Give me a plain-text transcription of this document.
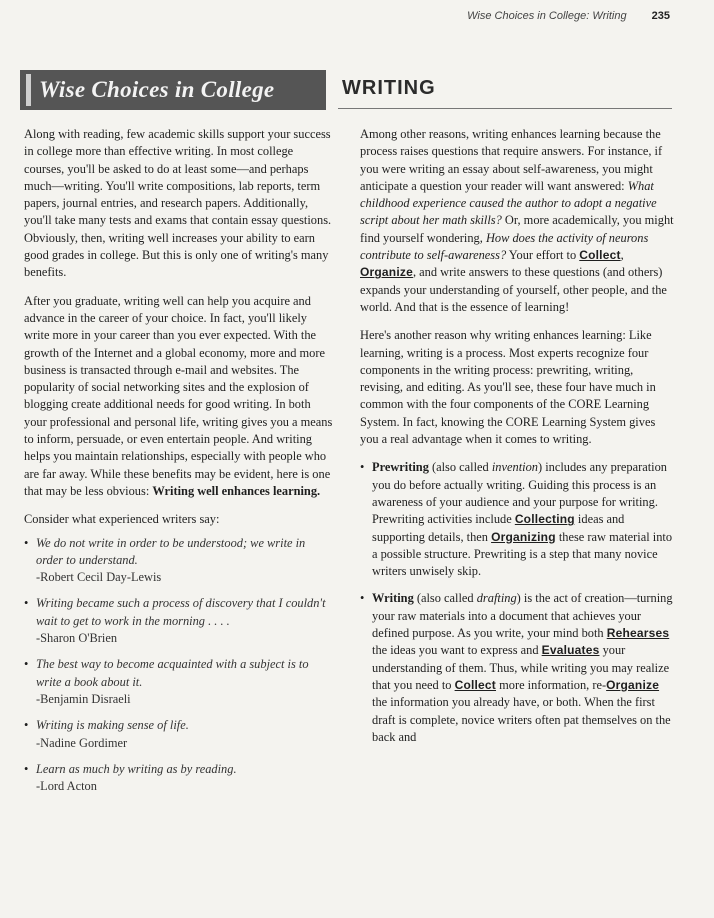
Wise Choices in College: Writing 235
Wise Choices in College	WRITING

Along with reading, few academic skills support your success in college more than effective writing. In most college courses, you'll be asked to do at least some—and perhaps much—writing. You'll write compositions, lab reports, term papers, journal entries, and research papers. Additionally, you'll take many tests and exams that contain essay questions. Obviously, then, writing well increases your ability to earn good grades in college. But this is only one of writing's many benefits.

After you graduate, writing well can help you acquire and advance in the career of your choice. In fact, you'll likely write more in your career than you ever expected. With the growth of the Internet and a global economy, more and more business is transacted through e-mail and websites. The popularity of social networking sites and the explosion of blogging create additional needs for good writing. In both your professional and personal life, writing gives you a means to inform, persuade, or even entertain people. And writing helps you maintain relationships, especially with people who are far away. While these benefits may be evident, here is one that may be less obvious: Writing well enhances learning.

Consider what experienced writers say:

• We do not write in order to be understood; we write in order to understand.
-Robert Cecil Day-Lewis
• Writing became such a process of discovery that I couldn't wait to get to work in the morning . . . .
-Sharon O'Brien
• The best way to become acquainted with a subject is to write a book about it.
-Benjamin Disraeli
• Writing is making sense of life.
-Nadine Gordimer
• Learn as much by writing as by reading.
-Lord Acton

Among other reasons, writing enhances learning because the process raises questions that require answers. For instance, if you were writing an essay about self-awareness, you might anticipate a question your reader will want answered: What childhood experience caused the author to adopt a negative script about her math skills? Or, more academically, you might find yourself wondering, How does the activity of neurons contribute to self-awareness? Your effort to Collect, Organize, and write answers to these questions (and others) expands your understanding of yourself, other people, and the world. And that is the essence of learning!

Here's another reason why writing enhances learning: Like learning, writing is a process. Most experts recognize four components in the writing process: prewriting, writing, revising, and editing. As you'll see, these four have much in common with the four components of the CORE Learning System. In fact, knowing the CORE Learning System gives you a real advantage when it comes to writing.

• Prewriting (also called invention) includes any preparation you do before actually writing. Guiding this process is an awareness of your audience and your purpose for writing. Prewriting activities include Collecting ideas and supporting details, then Organizing these raw material into a possible structure. Prewriting is a step that many novice writers unwisely skip.
• Writing (also called drafting) is the act of creation—turning your raw materials into a document that achieves your defined purpose. As you write, your mind both Rehearses the ideas you want to express and Evaluates your understanding of them. Thus, while writing you may realize that you need to Collect more information, re-Organize the information you already have, or both. When the first draft is complete, novice writers often pat themselves on the back and
